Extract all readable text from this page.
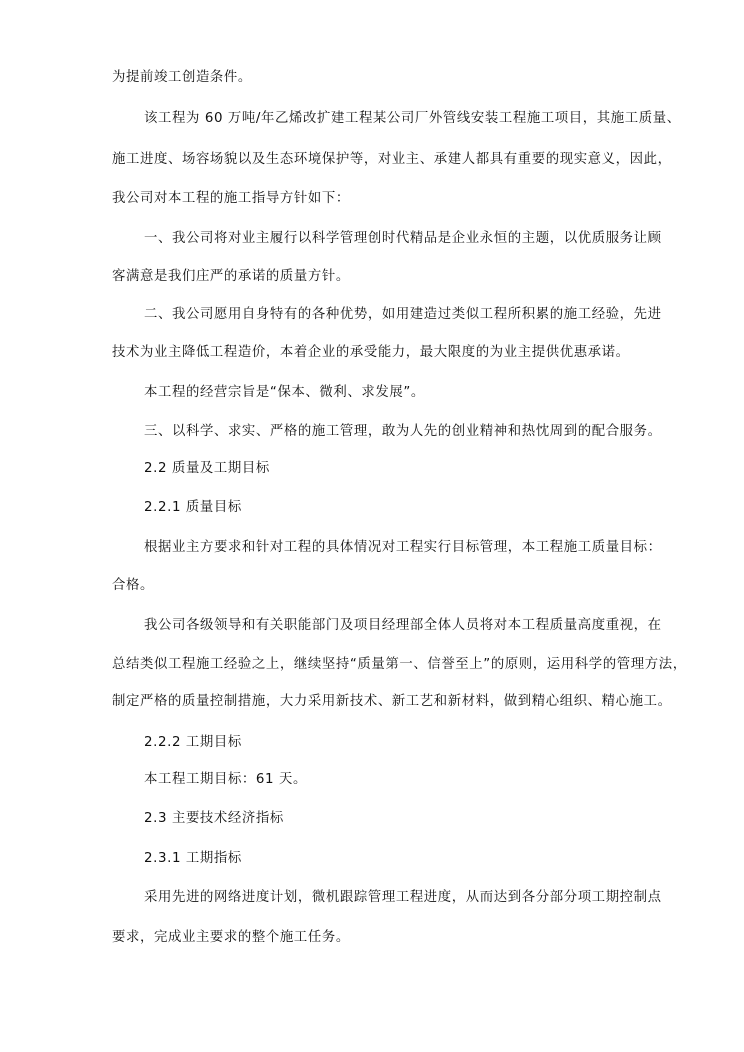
为提前竣工创造条件。
该工程为 60 万吨/年乙烯改扩建工程某公司厂外管线安装工程施工项目，其施工质量、
施工进度、场容场貌以及生态环境保护等，对业主、承建人都具有重要的现实意义，因此，
我公司对本工程的施工指导方针如下：
一、我公司将对业主履行以科学管理创时代精品是企业永恒的主题，以优质服务让顾
客满意是我们庄严的承诺的质量方针。
二、我公司愿用自身特有的各种优势，如用建造过类似工程所积累的施工经验，先进
技术为业主降低工程造价，本着企业的承受能力，最大限度的为业主提供优惠承诺。
本工程的经营宗旨是“保本、微利、求发展”。
三、以科学、求实、严格的施工管理，敢为人先的创业精神和热忱周到的配合服务。
2.2 质量及工期目标
2.2.1 质量目标
根据业主方要求和针对工程的具体情况对工程实行目标管理，本工程施工质量目标：
合格。
我公司各级领导和有关职能部门及项目经理部全体人员将对本工程质量高度重视，在
总结类似工程施工经验之上，继续坚持“质量第一、信誉至上”的原则，运用科学的管理方法，
制定严格的质量控制措施，大力采用新技术、新工艺和新材料，做到精心组织、精心施工。
2.2.2 工期目标
本工程工期目标：61 天。
2.3 主要技术经济指标
2.3.1 工期指标
采用先进的网络进度计划，微机跟踪管理工程进度，从而达到各分部分项工期控制点
要求，完成业主要求的整个施工任务。
